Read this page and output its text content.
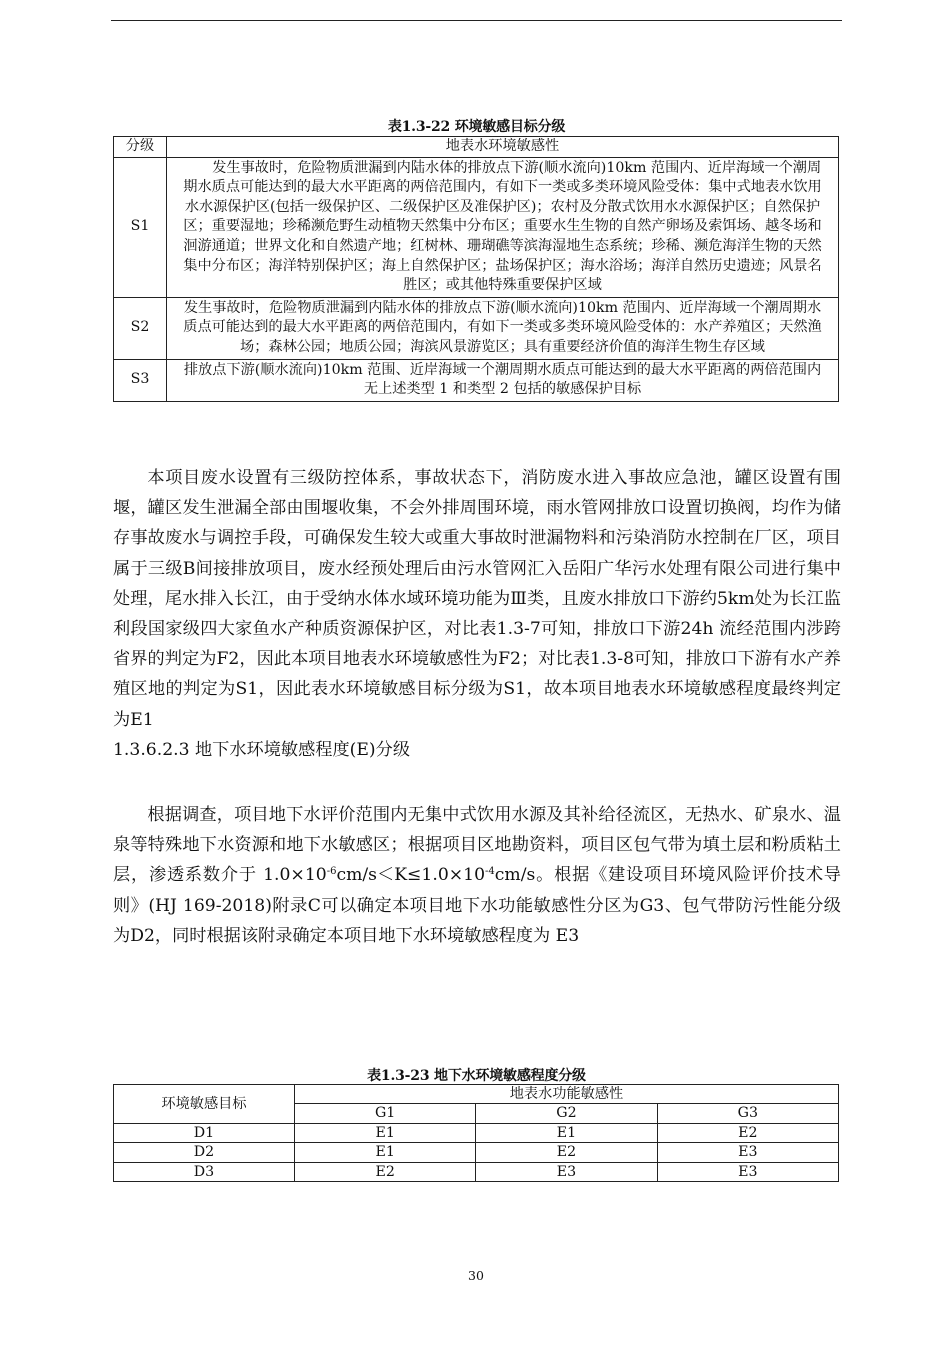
表1.3-22 环境敏感目标分级
分级	地表水环境敏感性
S1	发生事故时，危险物质泄漏到内陆水体的排放点下游(顺水流向)10km 范围内、近岸海域一个潮周期水质点可能达到的最大水平距离的两倍范围内，有如下一类或多类环境风险受体：集中式地表水饮用水水源保护区(包括一级保护区、二级保护区及准保护区)；农村及分散式饮用水水源保护区；自然保护区；重要湿地；珍稀濒危野生动植物天然集中分布区；重要水生生物的自然产卵场及索饵场、越冬场和洄游通道；世界文化和自然遗产地；红树林、珊瑚礁等滨海湿地生态系统；珍稀、濒危海洋生物的天然集中分布区；海洋特别保护区；海上自然保护区；盐场保护区；海水浴场；海洋自然历史遗迹；风景名胜区；或其他特殊重要保护区域

S2	发生事故时，危险物质泄漏到内陆水体的排放点下游(顺水流向)10km 范围内、近岸海域一个潮周期水质点可能达到的最大水平距离的两倍范围内，有如下一类或多类环境风险受体的：水产养殖区；天然渔场；森林公园；地质公园；海滨风景游览区；具有重要经济价值的海洋生物生存区域
S3	排放点下游(顺水流向)10km 范围、近岸海域一个潮周期水质点可能达到的最大水平距离的两倍范围内无上述类型 1 和类型 2 包括的敏感保护目标

本项目废水设置有三级防控体系，事故状态下，消防废水进入事故应急池，罐区设置有围堰，罐区发生泄漏全部由围堰收集，不会外排周围环境，雨水管网排放口设置切换阀，均作为储存事故废水与调控手段，可确保发生较大或重大事故时泄漏物料和污染消防水控制在厂区，项目属于三级B间接排放项目，废水经预处理后由污水管网汇入岳阳广华污水处理有限公司进行集中处理，尾水排入长江，由于受纳水体水域环境功能为Ⅲ类，且废水排放口下游约5km处为长江监利段国家级四大家鱼水产种质资源保护区，对比表1.3-7可知，排放口下游24h 流经范围内涉跨省界的判定为F2，因此本项目地表水环境敏感性为F2；对比表1.3-8可知，排放口下游有水产养殖区地的判定为S1，因此表水环境敏感目标分级为S1，故本项目地表水环境敏感程度最终判定为E1

1.3.6.2.3 地下水环境敏感程度(E)分级

根据调查，项目地下水评价范围内无集中式饮用水源及其补给径流区，无热水、矿泉水、温泉等特殊地下水资源和地下水敏感区；根据项目区地勘资料，项目区包气带为填土层和粉质粘土层，渗透系数介于 $1.0\times 10^{-6}cm/s<K\le 1.0\times 10^{-4}cm/s$。根据《建设项目环境风险评价技术导则》(HJ 169-2018)附录C可以确定本项目地下水功能敏感性分区为G3、包气带防污性能分级为D2，同时根据该附录确定本项目地下水环境敏感程度为 E3

表1.3-23 地下水环境敏感程度分级
环境敏感目标	地表水功能敏感性		
	G1	G2	G3
D1	E1	E1	E2
D2	E1	E2	E3
D3	E2	E3	E3
30
